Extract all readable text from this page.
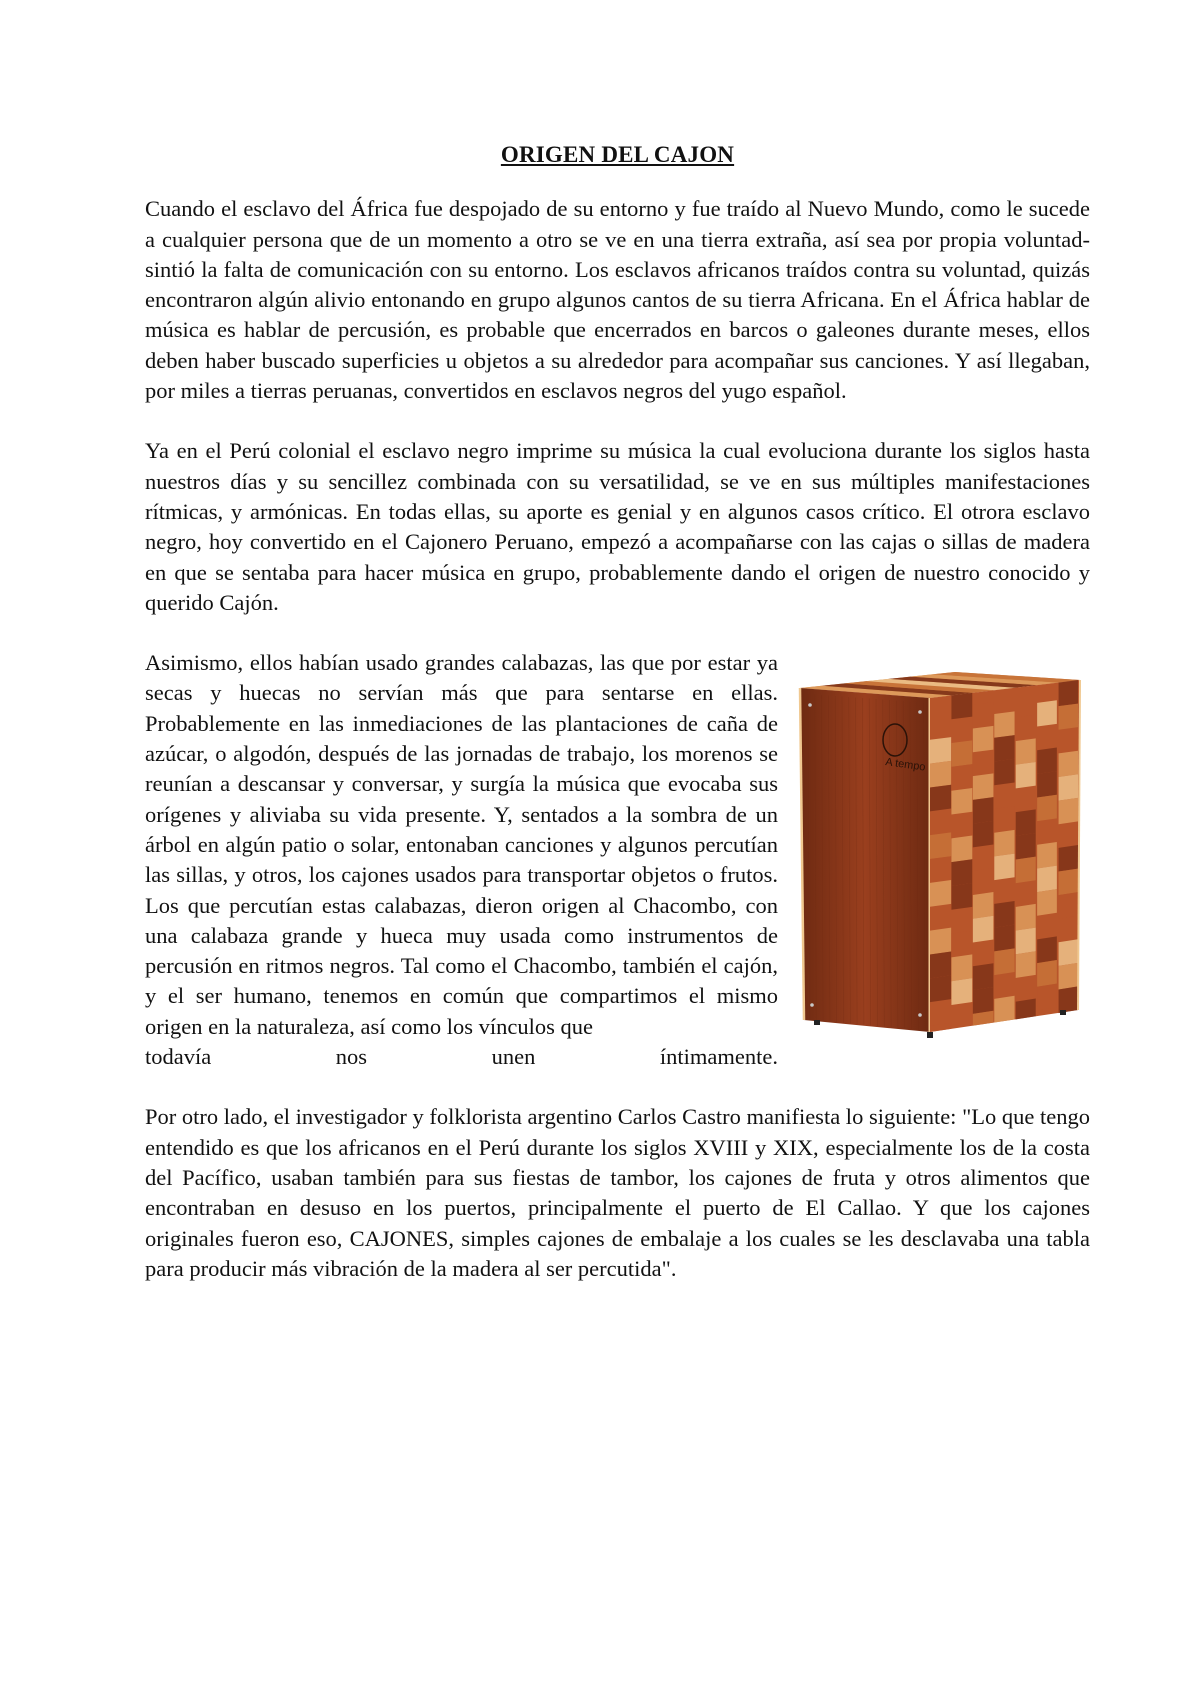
ORIGEN DEL CAJON

Cuando el esclavo del África fue despojado de su entorno y fue traído al Nuevo Mundo, como le sucede a cualquier persona que de un momento a otro se ve en una tierra extraña, así sea por propia voluntad- sintió la falta de comunicación con su entorno. Los esclavos africanos traídos contra su voluntad, quizás encontraron algún alivio entonando en grupo algunos cantos de su tierra Africana. En el África hablar de música es hablar de percusión, es probable que encerrados en barcos o galeones durante meses, ellos deben haber buscado superficies u objetos a su alrededor para acompañar sus canciones. Y así llegaban, por miles a tierras peruanas, convertidos en esclavos negros del yugo español.

Ya en el Perú colonial el esclavo negro imprime su música la cual evoluciona durante los siglos hasta nuestros días y su sencillez combinada con su versatilidad, se ve en sus múltiples manifestaciones rítmicas, y armónicas. En todas ellas, su aporte es genial y en algunos casos crítico. El otrora esclavo negro, hoy convertido en el Cajonero Peruano, empezó a acompañarse con las cajas o sillas de madera en que se sentaba para hacer música en grupo, probablemente dando el origen de nuestro conocido y querido Cajón.

A tempo

Asimismo, ellos habían usado grandes calabazas, las que por estar ya secas y huecas no servían más que para sentarse en ellas. Probablemente en las inmediaciones de las plantaciones de caña de azúcar, o algodón, después de las jornadas de trabajo, los morenos se reunían a descansar y conversar, y surgía la música que evocaba sus orígenes y aliviaba su vida presente. Y, sentados a la sombra de un árbol en algún patio o solar, entonaban canciones y algunos percutían las sillas, y otros, los cajones usados para transportar objetos o frutos. Los que percutían estas calabazas, dieron origen al Chacombo, con una calabaza grande y hueca muy usada como instrumentos de percusión en ritmos negros. Tal como el Chacombo, también el cajón, y el ser humano, tenemos en común que compartimos el mismo origen en la naturaleza, así como los vínculos que

todavía	nos	unen	íntimamente.

Por otro lado, el investigador y folklorista argentino Carlos Castro manifiesta lo siguiente: "Lo que tengo entendido es que los africanos en el Perú durante los siglos XVIII y XIX, especialmente los de la costa del Pacífico, usaban también para sus fiestas de tambor, los cajones de fruta y otros alimentos que encontraban en desuso en los puertos, principalmente el puerto de El Callao. Y que los cajones originales fueron eso, CAJONES, simples cajones de embalaje a los cuales se les desclavaba una tabla para producir más vibración de la madera al ser percutida".
